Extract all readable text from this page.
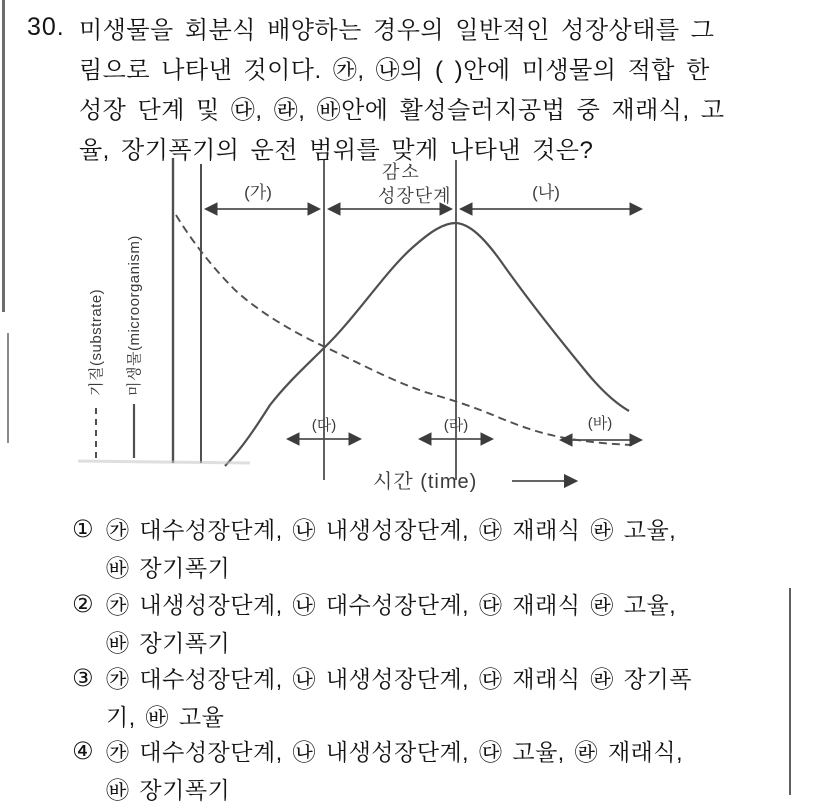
30. 미생물을 회분식 배양하는 경우의 일반적인 성장상태를 그
림으로 나타낸 것이다. ㉮, ㉯의 ( )안에 미생물의 적합 한
성장 단계 및 ㉰, ㉱, ㉳안에 활성슬러지공법 중 재래식, 고
율, 장기폭기의 운전 범위를 맞게 나타낸 것은?
기질(substrate) 미생물(microorganism)
(가)
감소
성장단계	(나)
(다)	(라)	(바)
시간 (time)
① ㉮ 대수성장단계, ㉯ 내생성장단계, ㉰ 재래식 ㉱ 고율,
㉳ 장기폭기
② ㉮ 내생성장단계, ㉯ 대수성장단계, ㉰ 재래식 ㉱ 고율,
㉳ 장기폭기
③ ㉮ 대수성장단계, ㉯ 내생성장단계, ㉰ 재래식 ㉱ 장기폭
기, ㉳ 고율
④ ㉮ 대수성장단계, ㉯ 내생성장단계, ㉰ 고율, ㉱ 재래식,
㉳ 장기폭기
